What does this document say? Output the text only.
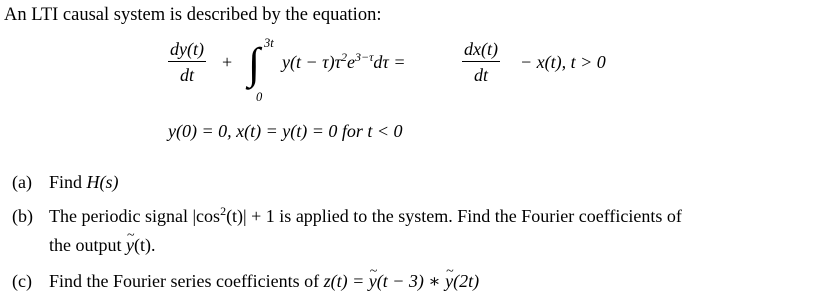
An LTI causal system is described by the equation:
dy(t)
dt
+ ∫ 3t
0
$y(t - \tau)\tau^2e^{3-\tau}d\tau$ =
dx(t)
dt
− x(t), t > 0
y(0) = 0, x(t) = y(t) = 0 for t < 0
(a) Find H(s)
(b) The periodic signal $|\cos^2(t)| + 1$ is applied to the system. Find the Fourier coefficients of
the output y ~(t).
(c) Find the Fourier series coefficients of z(t) = y ~(t − 3) ∗ y ~(2t)
